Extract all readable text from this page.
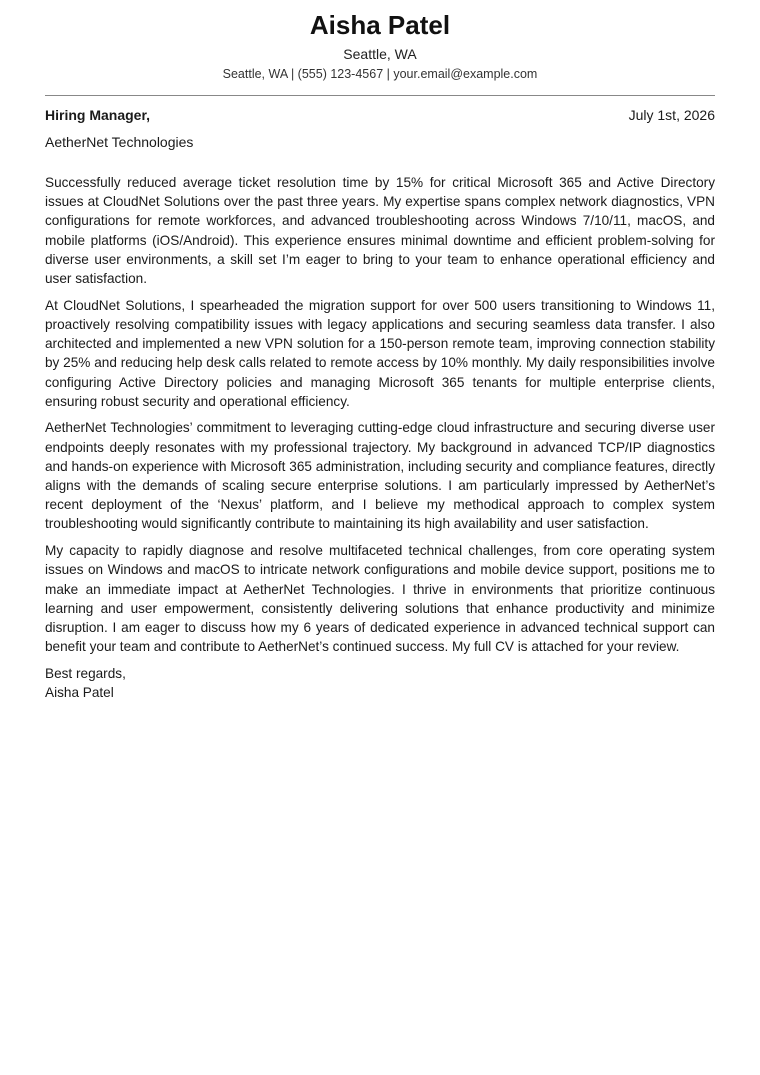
Aisha Patel
Seattle, WA
Seattle, WA | (555) 123-4567 | your.email@example.com
Hiring Manager,	July 1st, 2026
AetherNet Technologies

Successfully reduced average ticket resolution time by 15% for critical Microsoft 365 and Active Directory issues at CloudNet Solutions over the past three years. My expertise spans complex network diagnostics, VPN configurations for remote workforces, and advanced troubleshooting across Windows 7/10/11, macOS, and mobile platforms (iOS/Android). This experience ensures minimal downtime and efficient problem-solving for diverse user environments, a skill set I’m eager to bring to your team to enhance operational efficiency and user satisfaction.

At CloudNet Solutions, I spearheaded the migration support for over 500 users transitioning to Windows 11, proactively resolving compatibility issues with legacy applications and securing seamless data transfer. I also architected and implemented a new VPN solution for a 150-person remote team, improving connection stability by 25% and reducing help desk calls related to remote access by 10% monthly. My daily responsibilities involve configuring Active Directory policies and managing Microsoft 365 tenants for multiple enterprise clients, ensuring robust security and operational efficiency.

AetherNet Technologies’ commitment to leveraging cutting-edge cloud infrastructure and securing diverse user endpoints deeply resonates with my professional trajectory. My background in advanced TCP/IP diagnostics and hands-on experience with Microsoft 365 administration, including security and compliance features, directly aligns with the demands of scaling secure enterprise solutions. I am particularly impressed by AetherNet’s recent deployment of the ‘Nexus’ platform, and I believe my methodical approach to complex system troubleshooting would significantly contribute to maintaining its high availability and user satisfaction.

My capacity to rapidly diagnose and resolve multifaceted technical challenges, from core operating system issues on Windows and macOS to intricate network configurations and mobile device support, positions me to make an immediate impact at AetherNet Technologies. I thrive in environments that prioritize continuous learning and user empowerment, consistently delivering solutions that enhance productivity and minimize disruption. I am eager to discuss how my 6 years of dedicated experience in advanced technical support can benefit your team and contribute to AetherNet’s continued success. My full CV is attached for your review.

Best regards,
Aisha Patel
